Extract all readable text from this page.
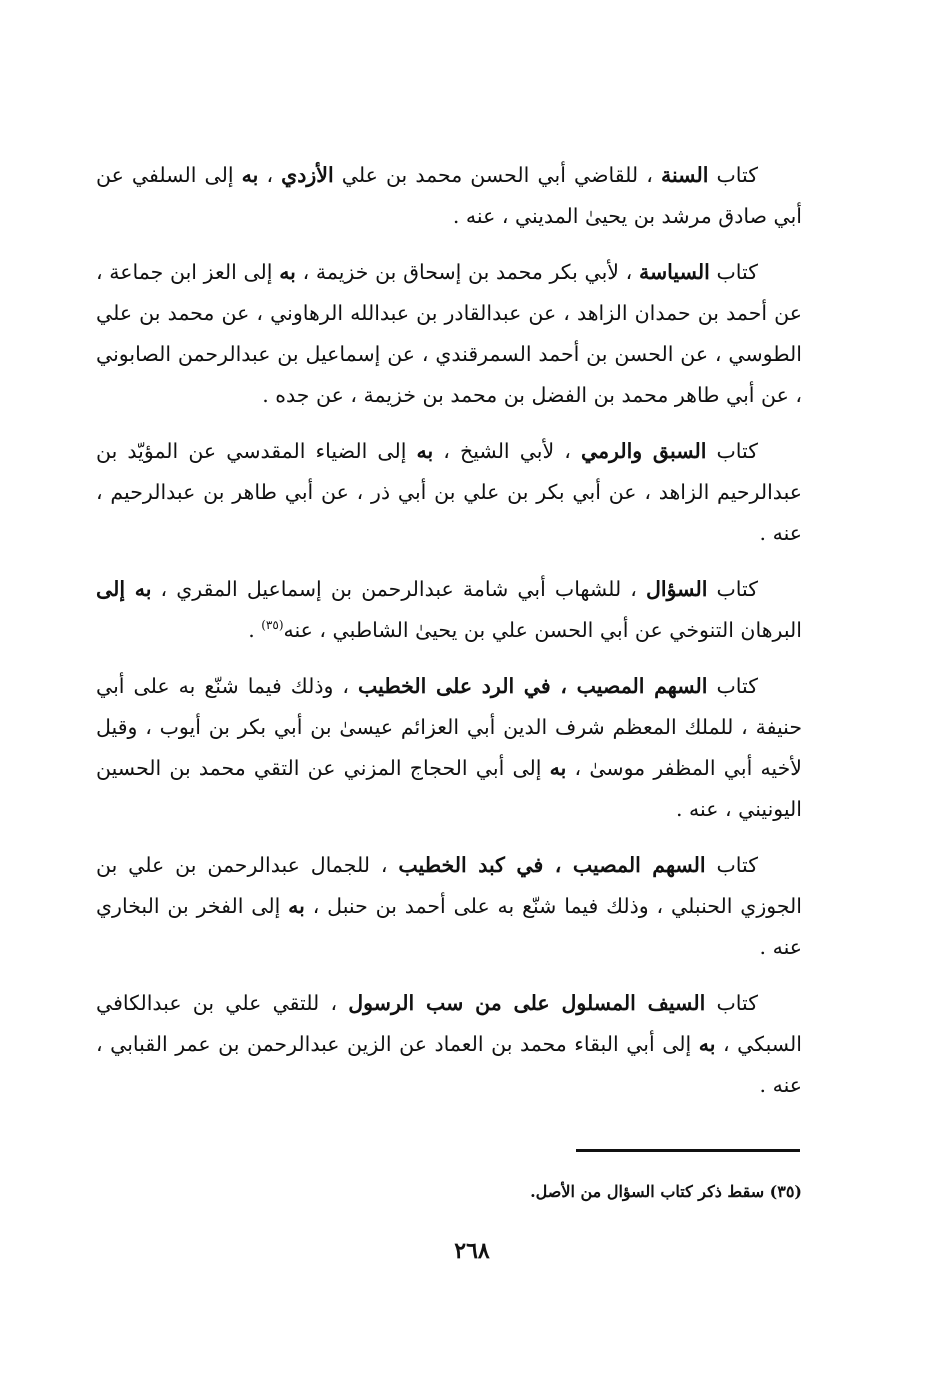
كتاب السنة ، للقاضي أبي الحسن محمد بن علي الأزدي ، به إلى السلفي عن أبي صادق مرشد بن يحيىٰ المديني ، عنه .

كتاب السياسة ، لأبي بكر محمد بن إسحاق بن خزيمة ، به إلى العز ابن جماعة ، عن أحمد بن حمدان الزاهد ، عن عبدالقادر بن عبدالله الرهاوني ، عن محمد بن علي الطوسي ، عن الحسن بن أحمد السمرقندي ، عن إسماعيل بن عبدالرحمن الصابوني ، عن أبي طاهر محمد بن الفضل بن محمد بن خزيمة ، عن جده .

كتاب السبق والرمي ، لأبي الشيخ ، به إلى الضياء المقدسي عن المؤيّد بن عبدالرحيم الزاهد ، عن أبي بكر بن علي بن أبي ذر ، عن أبي طاهر بن عبدالرحيم ، عنه .

كتاب السؤال ، للشهاب أبي شامة عبدالرحمن بن إسماعيل المقري ، به إلى البرهان التنوخي عن أبي الحسن علي بن يحيىٰ الشاطبي ، عنه$^{(٣٥)}$ .

كتاب السهم المصيب ، في الرد على الخطيب ، وذلك فيما شنّع به على أبي حنيفة ، للملك المعظم شرف الدين أبي العزائم عيسىٰ بن أبي بكر بن أيوب ، وقيل لأخيه أبي المظفر موسىٰ ، به إلى أبي الحجاج المزني عن التقي محمد بن الحسين اليونيني ، عنه .

كتاب السهم المصيب ، في كبد الخطيب ، للجمال عبدالرحمن بن علي بن الجوزي الحنبلي ، وذلك فيما شنّع به على أحمد بن حنبل ، به إلى الفخر بن البخاري عنه .

كتاب السيف المسلول على من سب الرسول ، للتقي علي بن عبدالكافي السبكي ، به إلى أبي البقاء محمد بن العماد عن الزين عبدالرحمن بن عمر القبابي ، عنه .

(٣٥) سقط ذكر كتاب السؤال من الأصل.
٢٦٨
